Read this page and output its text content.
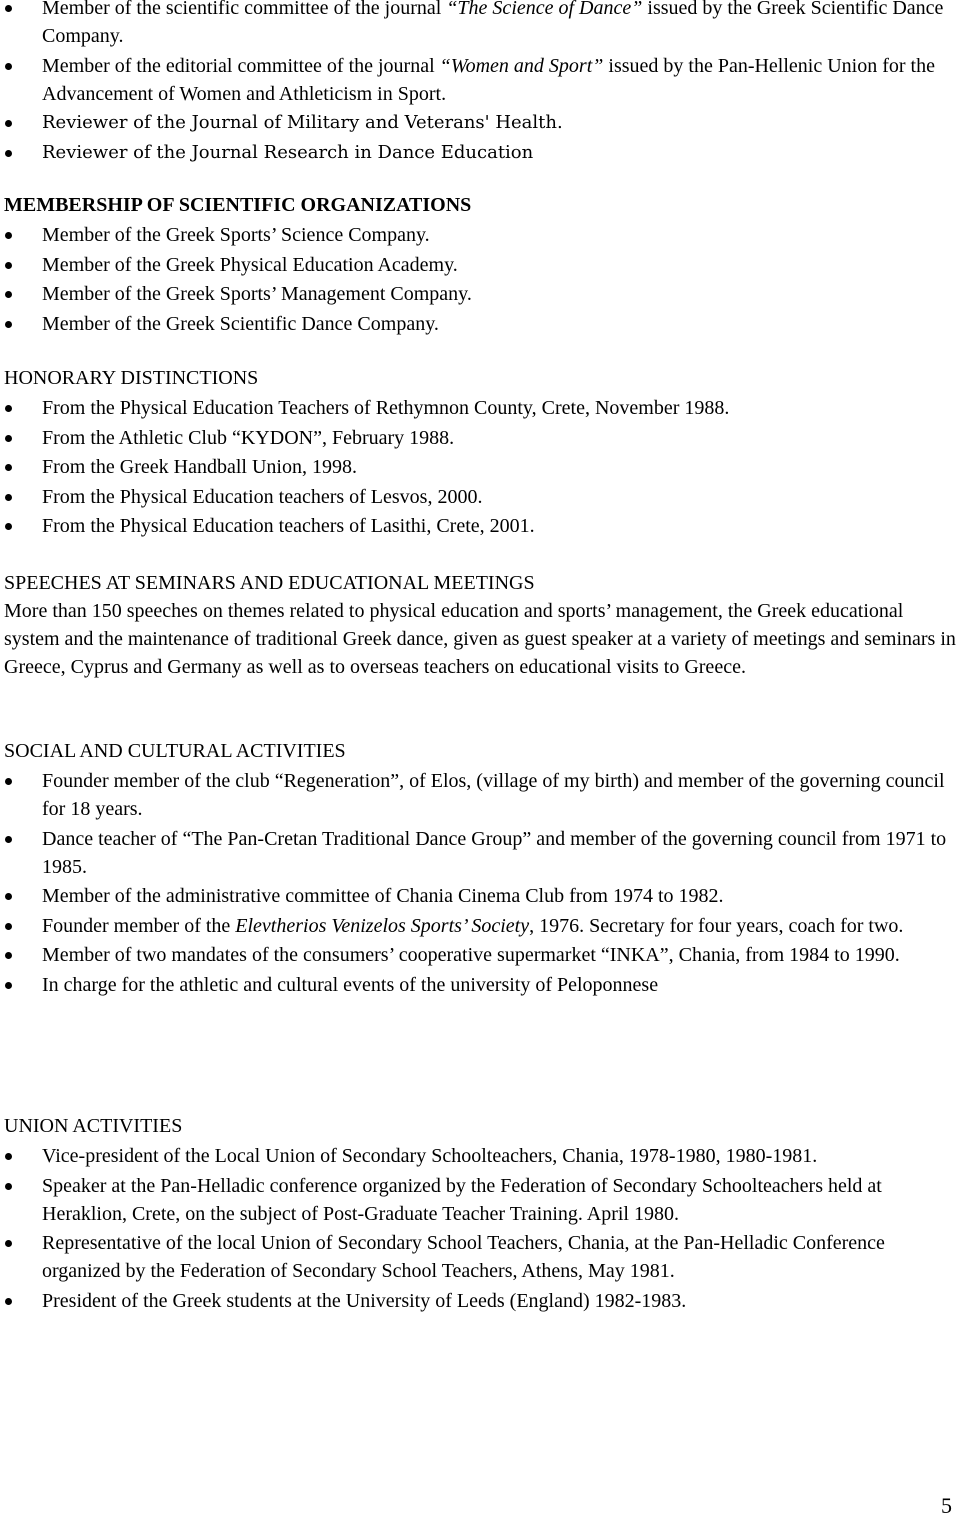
Member of the scientific committee of the journal “The Science of Dance” issued by the Greek Scientific Dance Company.
Member of the editorial committee of the journal “Women and Sport” issued by the Pan-Hellenic Union for the Advancement of Women and Athleticism in Sport.
Reviewer of the Journal of Military and Veterans' Health.
Reviewer of the Journal Research in Dance Education
MEMBERSHIP OF SCIENTIFIC ORGANIZATIONS
Member of the Greek Sports’ Science Company.
Member of the Greek Physical Education Academy.
Member of the Greek Sports’ Management Company.
Member of the Greek Scientific Dance Company.
HONORARY DISTINCTIONS
From the Physical Education Teachers of Rethymnon County, Crete, November 1988.
From the Athletic Club “KYDON”, February 1988.
From the Greek Handball Union, 1998.
From the Physical Education teachers of Lesvos, 2000.
From the Physical Education teachers of Lasithi, Crete, 2001.
SPEECHES AT SEMINARS AND EDUCATIONAL MEETINGS

More than 150 speeches on themes related to physical education and sports’ management, the Greek educational system and the maintenance of traditional Greek dance, given as guest speaker at a variety of meetings and seminars in Greece, Cyprus and Germany as well as to overseas teachers on educational visits to Greece.

SOCIAL AND CULTURAL ACTIVITIES
Founder member of the club “Regeneration”, of Elos, (village of my birth) and member of the governing council for 18 years.
Dance teacher of “The Pan-Cretan Traditional Dance Group” and member of the governing council from 1971 to 1985.
Member of the administrative committee of Chania Cinema Club from 1974 to 1982.
Founder member of the Elevtherios Venizelos Sports’ Society, 1976. Secretary for four years, coach for two.
Member of two mandates of the consumers’ cooperative supermarket “INKA”, Chania, from 1984 to 1990.
In charge for the athletic and cultural events of the university of Peloponnese
UNION ACTIVITIES
Vice-president of the Local Union of Secondary Schoolteachers, Chania, 1978-1980, 1980-1981.
Speaker at the Pan-Helladic conference organized by the Federation of Secondary Schoolteachers held at Heraklion, Crete, on the subject of Post-Graduate Teacher Training. April 1980.
Representative of the local Union of Secondary School Teachers, Chania, at the Pan-Helladic Conference organized by the Federation of Secondary School Teachers, Athens, May 1981.
President of the Greek students at the University of Leeds (England) 1982-1983.
5
